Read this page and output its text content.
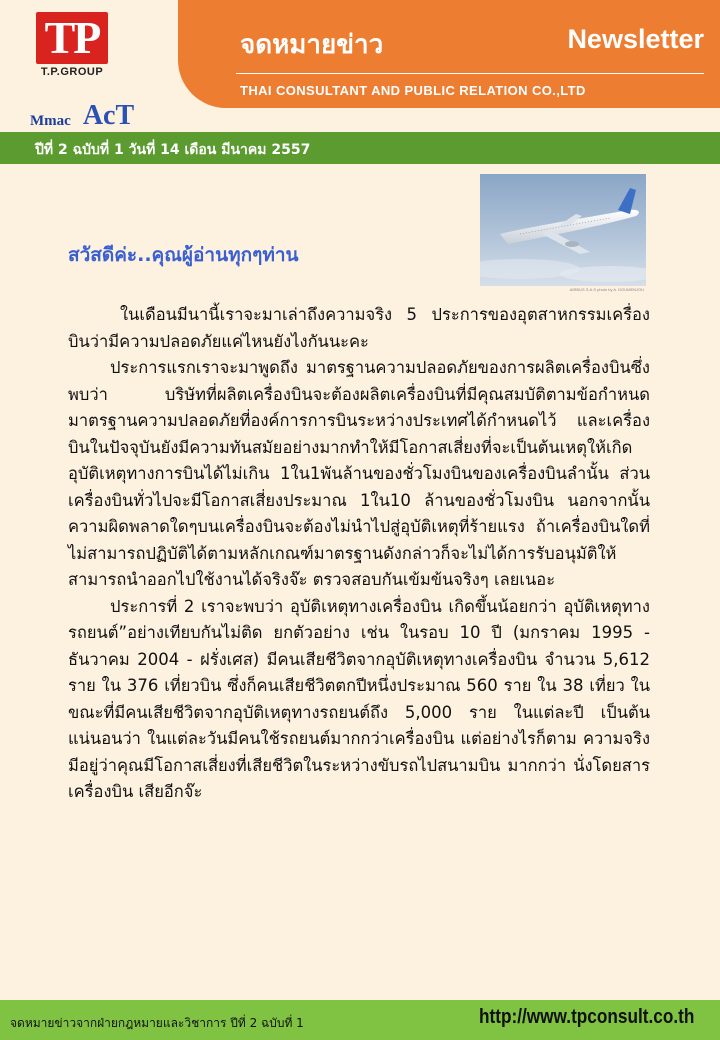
TP
T.P.GROUP
Mmac AcT
จดหมายข่าว	Newsletter
THAI CONSULTANT AND PUBLIC RELATION CO.,LTD
ปีที่ 2 ฉบับที่ 1 วันที่ 14 เดือน มีนาคม 2557
AIRBUS S.A.S photo by A. DOUMENJOU
สวัสดีค่ะ..คุณผู้อ่านทุกๆท่าน

ในเดือนมีนานี้เราจะมาเล่าถึงความจริง 5 ประการของอุตสาหกรรมเครื่องบินว่ามีความปลอดภัยแค่ไหนยังไงกันนะคะ

ประการแรกเราจะมาพูดถึง มาตรฐานความปลอดภัยของการผลิตเครื่องบินซึ่งพบว่า บริษัทที่ผลิตเครื่องบินจะต้องผลิตเครื่องบินที่มีคุณสมบัติตามข้อกำหนดมาตรฐานความปลอดภัยที่องค์การการบินระหว่างประเทศได้กำหนดไว้ และเครื่องบินในปัจจุบันยังมีความทันสมัยอย่างมากทำให้มีโอกาสเสี่ยงที่จะเป็นต้นเหตุให้เกิดอุบัติเหตุทางการบินได้ไม่เกิน 1ใน1พันล้านของชั่วโมงบินของเครื่องบินลำนั้น ส่วนเครื่องบินทั่วไปจะมีโอกาสเสี่ยงประมาณ 1ใน10 ล้านของชั่วโมงบิน นอกจากนั้นความผิดพลาดใดๆบนเครื่องบินจะต้องไม่นำไปสู่อุบัติเหตุที่ร้ายแรง ถ้าเครื่องบินใดที่ไม่สามารถปฏิบัติได้ตามหลักเกณฑ์มาตรฐานดังกล่าวก็จะไม่ได้การรับอนุมัติให้สามารถนำออกไปใช้งานได้จริงจ๊ะ ตรวจสอบกันเข้มข้นจริงๆ เลยเนอะ

ประการที่ 2 เราจะพบว่า อุบัติเหตุทางเครื่องบิน เกิดขึ้นน้อยกว่า อุบัติเหตุทางรถยนต์”อย่างเทียบกันไม่ติด ยกตัวอย่าง เช่น ในรอบ 10 ปี (มกราคม 1995 - ธันวาคม 2004 - ฝรั่งเศส) มีคนเสียชีวิตจากอุบัติเหตุทางเครื่องบิน จำนวน 5,612 ราย ใน 376 เที่ยวบิน ซึ่งก็คนเสียชีวิตตกปีหนึ่งประมาณ 560 ราย ใน 38 เที่ยว ในขณะที่มีคนเสียชีวิตจากอุบัติเหตุทางรถยนต์ถึง 5,000 ราย ในแต่ละปี เป็นต้น แน่นอนว่า ในแต่ละวันมีคนใช้รถยนต์มากกว่าเครื่องบิน แต่อย่างไรก็ตาม ความจริงมีอยู่ว่าคุณมีโอกาสเสี่ยงที่เสียชีวิตในระหว่างขับรถไปสนามบิน มากกว่า นั่งโดยสารเครื่องบิน เสียอีกจ๊ะ

จดหมายข่าวจากฝ่ายกฎหมายและวิชาการ ปีที่ 2 ฉบับที่ 1	http://www.tpconsult.co.th
